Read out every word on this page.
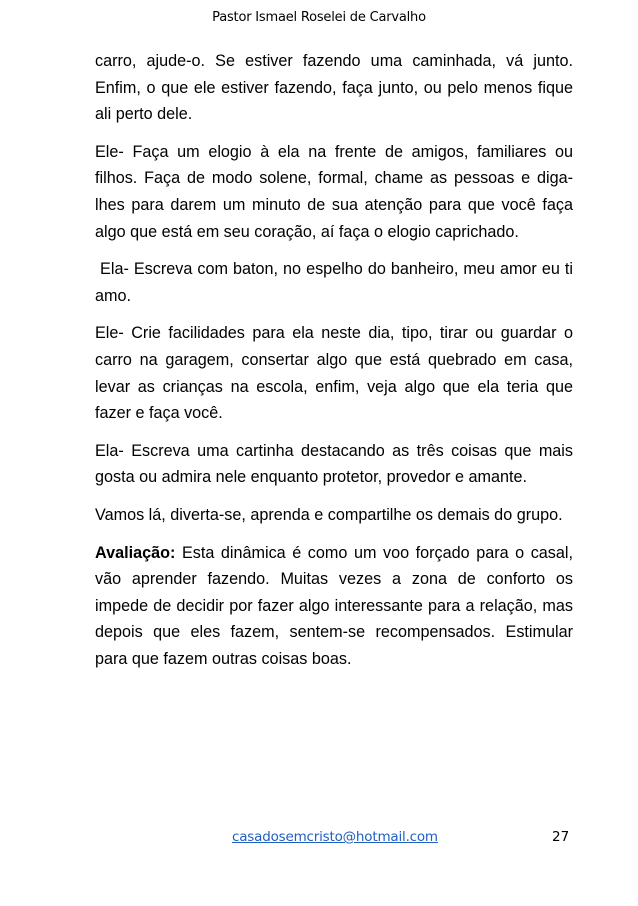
Pastor Ismael Roselei de Carvalho

carro, ajude-o. Se estiver fazendo uma caminhada, vá junto. Enfim, o que ele estiver fazendo, faça junto, ou pelo menos fique ali perto dele.

Ele- Faça um elogio à ela na frente de amigos, familiares ou filhos. Faça de modo solene, formal, chame as pessoas e diga-lhes para darem um minuto de sua atenção para que você faça algo que está em seu coração, aí faça o elogio caprichado.

Ela- Escreva com baton, no espelho do banheiro, meu amor eu ti amo.

Ele- Crie facilidades para ela neste dia, tipo, tirar ou guardar o carro na garagem, consertar algo que está quebrado em casa, levar as crianças na escola, enfim, veja algo que ela teria que fazer e faça você.

Ela- Escreva uma cartinha destacando as três coisas que mais gosta ou admira nele enquanto protetor, provedor e amante.

Vamos lá, diverta-se, aprenda e compartilhe os demais do grupo.

Avaliação: Esta dinâmica é como um voo forçado para o casal, vão aprender fazendo. Muitas vezes a zona de conforto os impede de decidir por fazer algo interessante para a relação, mas depois que eles fazem, sentem-se recompensados. Estimular para que fazem outras coisas boas.

casadosemcristo@hotmail.com	27
